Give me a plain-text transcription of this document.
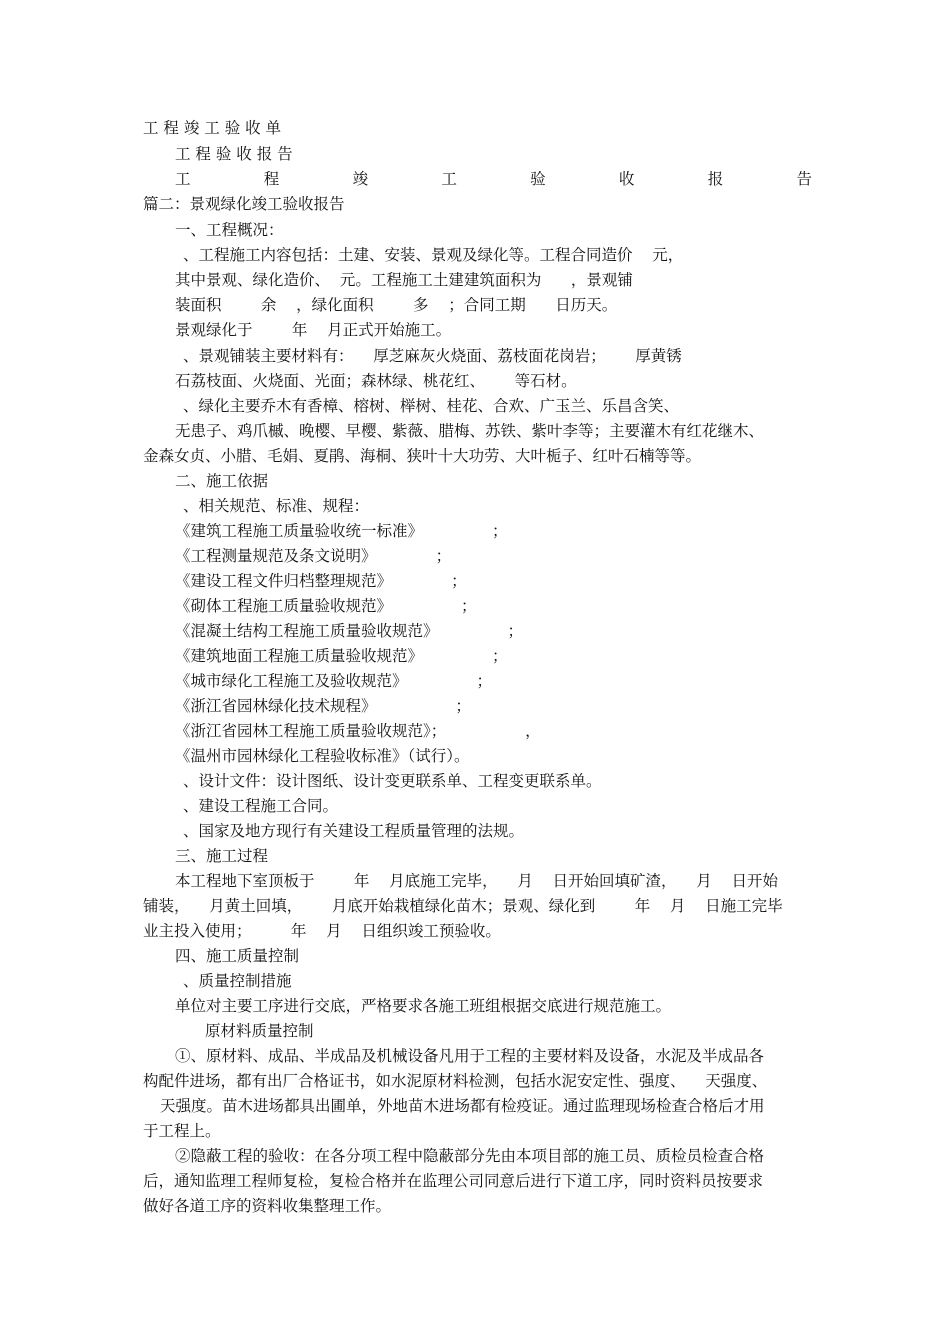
工 程 竣 工 验 收 单
工 程 验 收 报 告
篇二：景观绿化竣工验收报告
一、工程概况：
、工程施工内容包括：土建、安装、景观及绿化等。工程合同造价    元，
其中景观、绿化造价、  元。工程施工土建建筑面积为      ，景观铺
装面积        余    ，绿化面积        多    ；合同工期      日历天。
景观绿化于        年    月正式开始施工。
、景观铺装主要材料有：    厚芝麻灰火烧面、荔枝面花岗岩；      厚黄锈
石荔枝面、火烧面、光面；森林绿、桃花红、      等石材。
、绿化主要乔木有香樟、榕树、榉树、桂花、合欢、广玉兰、乐昌含笑、
无患子、鸡爪槭、晚樱、早樱、紫薇、腊梅、苏铁、紫叶李等；主要灌木有红花继木、
金森女贞、小腊、毛娟、夏鹃、海桐、狭叶十大功劳、大叶栀子、红叶石楠等等。
二、施工依据
、相关规范、标准、规程：
《建筑工程施工质量验收统一标准》              ；
《工程测量规范及条文说明》            ；
《建设工程文件归档整理规范》            ；
《砌体工程施工质量验收规范》              ；
《混凝土结构工程施工质量验收规范》              ；
《建筑地面工程施工质量验收规范》              ；
《城市绿化工程施工及验收规范》              ；
《浙江省园林绿化技术规程》                ；
《浙江省园林工程施工质量验收规范》；                ，
《温州市园林绿化工程验收标准》（试行）。
、设计文件：设计图纸、设计变更联系单、工程变更联系单。
、建设工程施工合同。
、国家及地方现行有关建设工程质量管理的法规。
三、施工过程
本工程地下室顶板于        年    月底施工完毕，    月    日开始回填矿渣，    月    日开始
铺装，    月黄土回填，      月底开始栽植绿化苗木；景观、绿化到        年    月    日施工完毕
业主投入使用；        年    月    日组织竣工预验收。
四、施工质量控制
、质量控制措施
单位对主要工序进行交底，严格要求各施工班组根据交底进行规范施工。
原材料质量控制
①、原材料、成品、半成品及机械设备凡用于工程的主要材料及设备，水泥及半成品各
构配件进场，都有出厂合格证书，如水泥原材料检测，包括水泥安定性、强度、    天强度、
天强度。苗木进场都具出圃单，外地苗木进场都有检疫证。通过监理现场检查合格后才用
于工程上。
②隐蔽工程的验收：在各分项工程中隐蔽部分先由本项目部的施工员、质检员检查合格
后，通知监理工程师复检，复检合格并在监理公司同意后进行下道工序，同时资料员按要求
做好各道工序的资料收集整理工作。
工	程	竣	工	验	收	报	告
